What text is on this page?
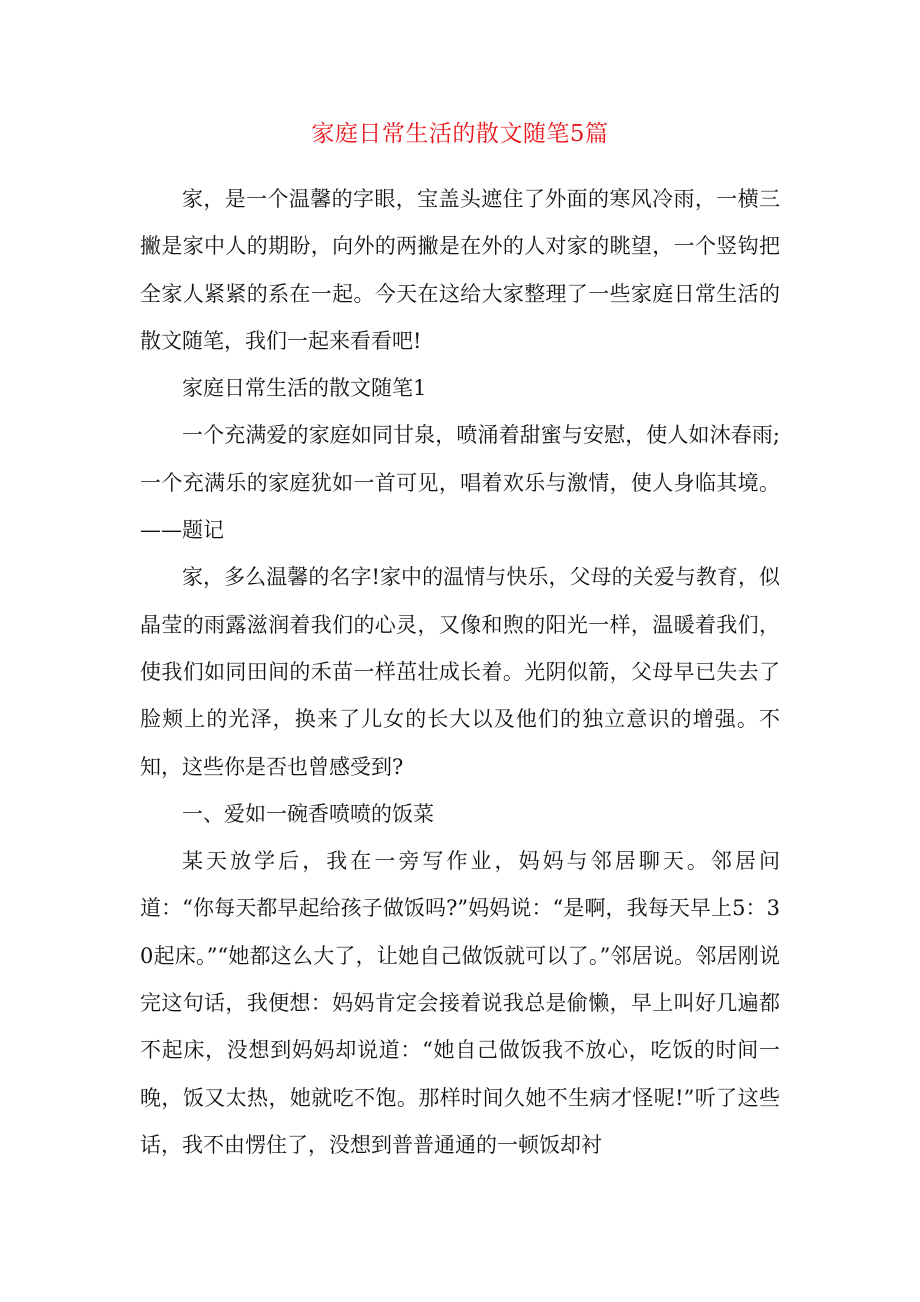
家庭日常生活的散文随笔5篇

家，是一个温馨的字眼，宝盖头遮住了外面的寒风冷雨，一横三撇是家中人的期盼，向外的两撇是在外的人对家的眺望，一个竖钩把全家人紧紧的系在一起。今天在这给大家整理了一些家庭日常生活的散文随笔，我们一起来看看吧!

家庭日常生活的散文随笔1

一个充满爱的家庭如同甘泉，喷涌着甜蜜与安慰，使人如沐春雨;一个充满乐的家庭犹如一首可见，唱着欢乐与激情，使人身临其境。——题记

家，多么温馨的名字!家中的温情与快乐，父母的关爱与教育，似晶莹的雨露滋润着我们的心灵，又像和煦的阳光一样，温暖着我们，使我们如同田间的禾苗一样茁壮成长着。光阴似箭，父母早已失去了脸颊上的光泽，换来了儿女的长大以及他们的独立意识的增强。不知，这些你是否也曾感受到?

一、爱如一碗香喷喷的饭菜

某天放学后，我在一旁写作业，妈妈与邻居聊天。邻居问道：“你每天都早起给孩子做饭吗?”妈妈说：“是啊，我每天早上5：30起床。”“她都这么大了，让她自己做饭就可以了。”邻居说。邻居刚说完这句话，我便想：妈妈肯定会接着说我总是偷懒，早上叫好几遍都不起床，没想到妈妈却说道：“她自己做饭我不放心，吃饭的时间一晚，饭又太热，她就吃不饱。那样时间久她不生病才怪呢!”听了这些话，我不由愣住了，没想到普普通通的一顿饭却衬
